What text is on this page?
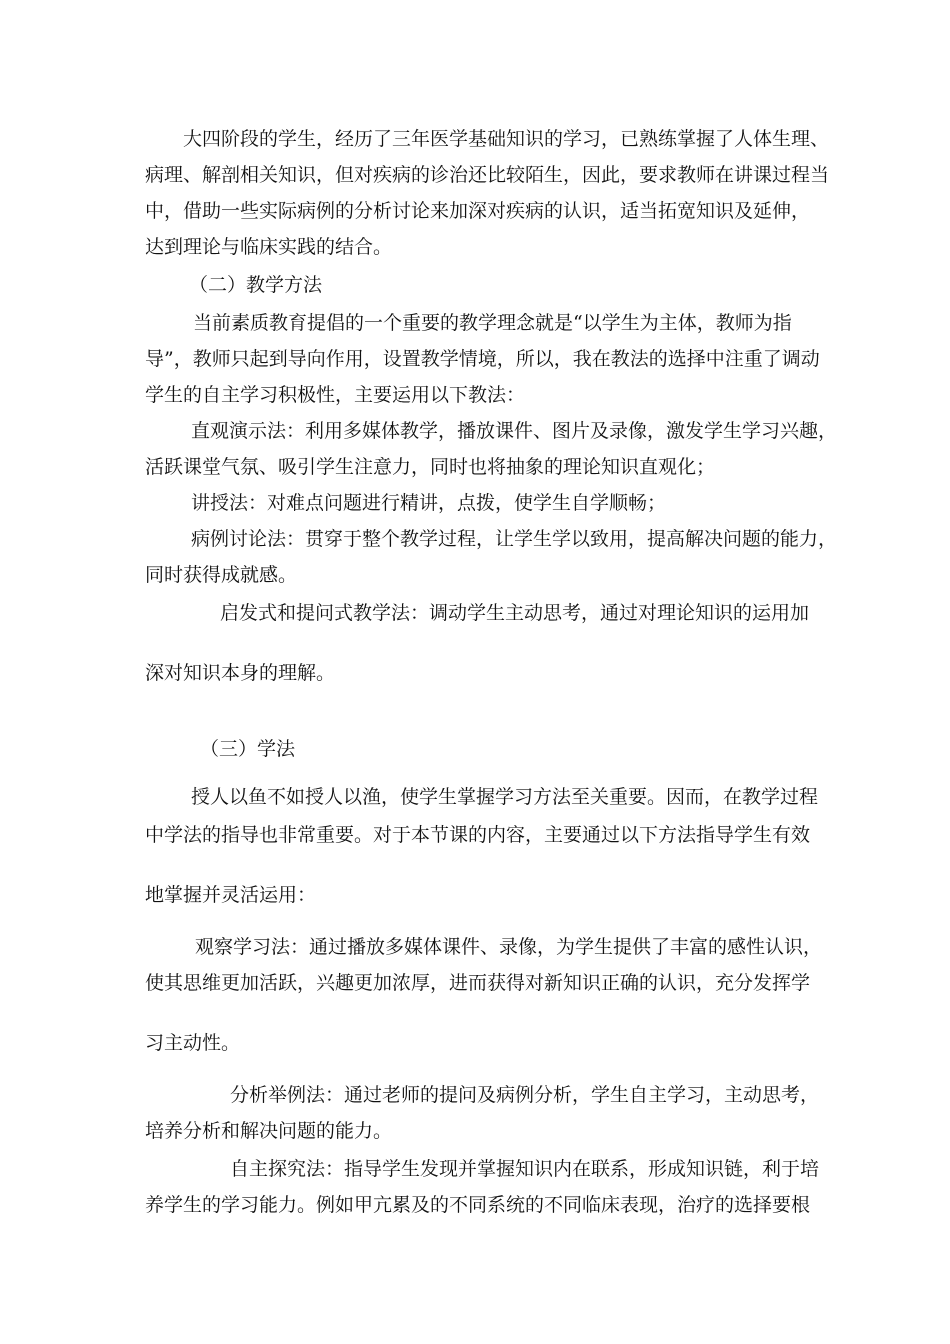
大四阶段的学生，经历了三年医学基础知识的学习，已熟练掌握了人体生理、
病理、解剖相关知识，但对疾病的诊治还比较陌生，因此，要求教师在讲课过程当
中，借助一些实际病例的分析讨论来加深对疾病的认识，适当拓宽知识及延伸，
达到理论与临床实践的结合。
（二）教学方法
当前素质教育提倡的一个重要的教学理念就是“以学生为主体，教师为指
导”，教师只起到导向作用，设置教学情境，所以，我在教法的选择中注重了调动
学生的自主学习积极性，主要运用以下教法：
直观演示法：利用多媒体教学，播放课件、图片及录像，激发学生学习兴趣，
活跃课堂气氛、吸引学生注意力，同时也将抽象的理论知识直观化；
讲授法：对难点问题进行精讲，点拨，使学生自学顺畅；
病例讨论法：贯穿于整个教学过程，让学生学以致用，提高解决问题的能力，
同时获得成就感。
启发式和提问式教学法：调动学生主动思考，通过对理论知识的运用加
深对知识本身的理解。
（三）学法
授人以鱼不如授人以渔，使学生掌握学习方法至关重要。因而，在教学过程
中学法的指导也非常重要。对于本节课的内容，主要通过以下方法指导学生有效
地掌握并灵活运用：
观察学习法：通过播放多媒体课件、录像，为学生提供了丰富的感性认识，
使其思维更加活跃，兴趣更加浓厚，进而获得对新知识正确的认识，充分发挥学
习主动性。
分析举例法：通过老师的提问及病例分析，学生自主学习，主动思考，
培养分析和解决问题的能力。
自主探究法：指导学生发现并掌握知识内在联系，形成知识链，利于培
养学生的学习能力。例如甲亢累及的不同系统的不同临床表现，治疗的选择要根
